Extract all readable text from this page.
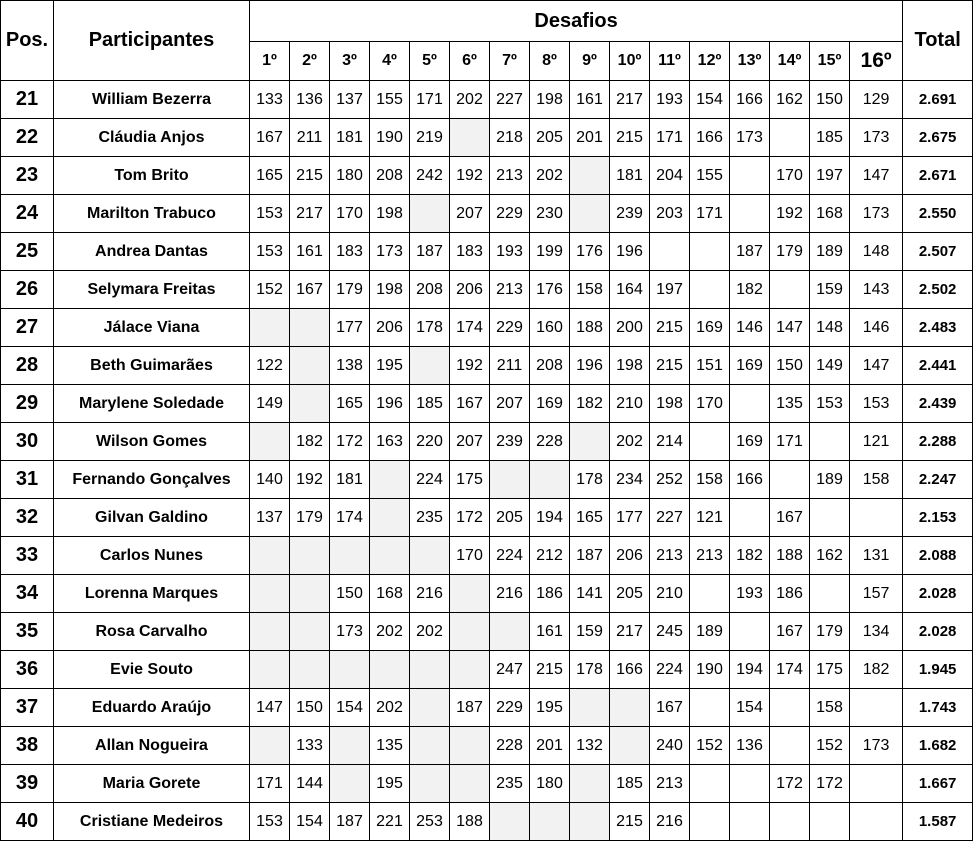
Pos.	Participantes	Desafios																Total
		1º	2º	3º	4º	5º	6º	7º	8º	9º	10º	11º	12º	13º	14º	15º	16º	
21	William Bezerra	133	136	137	155	171	202	227	198	161	217	193	154	166	162	150	129	2.691
22	Cláudia Anjos	167	211	181	190	219		218	205	201	215	171	166	173		185	173	2.675
23	Tom Brito	165	215	180	208	242	192	213	202		181	204	155		170	197	147	2.671
24	Marilton Trabuco	153	217	170	198		207	229	230		239	203	171		192	168	173	2.550
25	Andrea Dantas	153	161	183	173	187	183	193	199	176	196			187	179	189	148	2.507
26	Selymara Freitas	152	167	179	198	208	206	213	176	158	164	197		182		159	143	2.502
27	Jálace Viana			177	206	178	174	229	160	188	200	215	169	146	147	148	146	2.483
28	Beth Guimarães	122		138	195		192	211	208	196	198	215	151	169	150	149	147	2.441
29	Marylene Soledade	149		165	196	185	167	207	169	182	210	198	170		135	153	153	2.439
30	Wilson Gomes		182	172	163	220	207	239	228		202	214		169	171		121	2.288
31	Fernando Gonçalves	140	192	181		224	175			178	234	252	158	166		189	158	2.247
32	Gilvan Galdino	137	179	174		235	172	205	194	165	177	227	121		167			2.153
33	Carlos Nunes						170	224	212	187	206	213	213	182	188	162	131	2.088
34	Lorenna Marques			150	168	216		216	186	141	205	210		193	186		157	2.028
35	Rosa Carvalho			173	202	202			161	159	217	245	189		167	179	134	2.028
36	Evie Souto							247	215	178	166	224	190	194	174	175	182	1.945
37	Eduardo Araújo	147	150	154	202		187	229	195			167		154		158		1.743
38	Allan Nogueira		133		135			228	201	132		240	152	136		152	173	1.682
39	Maria Gorete	171	144		195			235	180		185	213			172	172		1.667
40	Cristiane Medeiros	153	154	187	221	253	188				215	216						1.587
